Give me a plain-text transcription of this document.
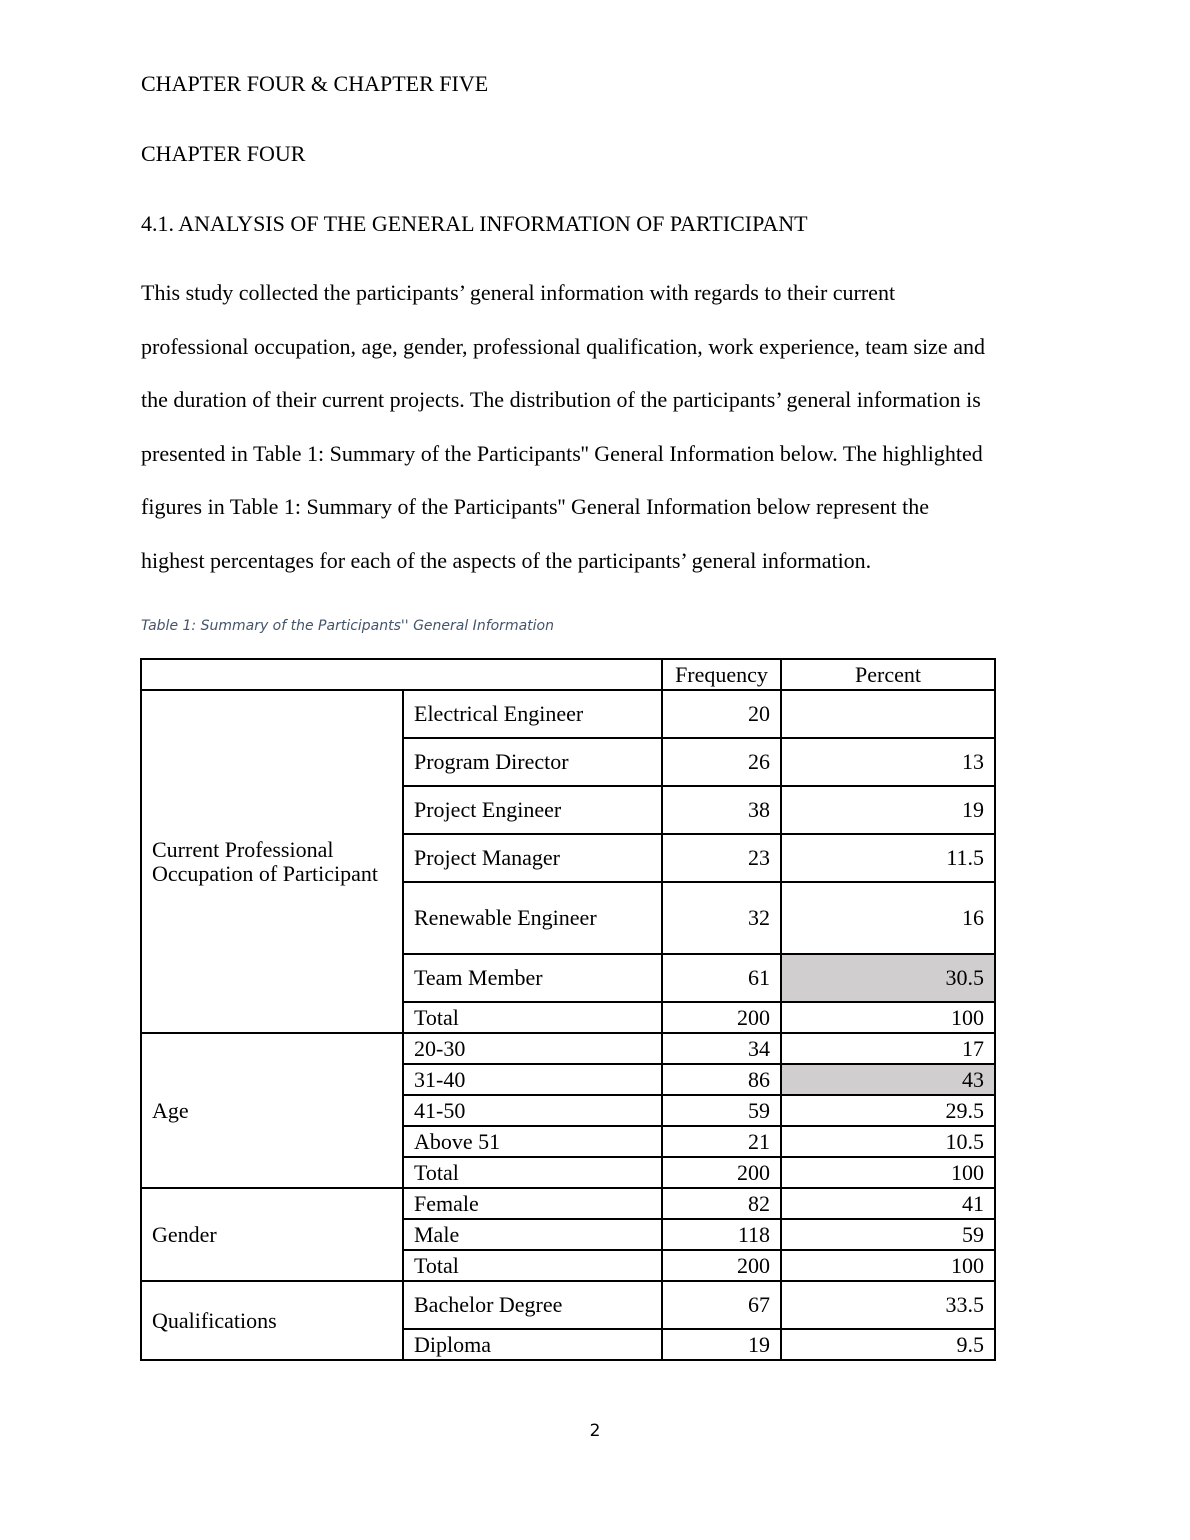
CHAPTER FOUR & CHAPTER FIVE
CHAPTER FOUR
4.1. ANALYSIS OF THE GENERAL INFORMATION OF PARTICIPANT

This study collected the participants’ general information with regards to their current
professional occupation, age, gender, professional qualification, work experience, team size and
the duration of their current projects. The distribution of the participants’ general information is
presented in Table 1: Summary of the Participants'' General Information below. The highlighted
figures in Table 1: Summary of the Participants'' General Information below represent the
highest percentages for each of the aspects of the participants’ general information.

Table 1: Summary of the Participants'' General Information

		Frequency	Percent
Current Professional Occupation of Participant	Electrical Engineer	20	
	Program Director	26	13
	Project Engineer	38	19
	Project Manager	23	11.5
	Renewable Engineer	32	16
	Team Member	61	30.5
	Total	200	100
Age	20-30	34	17
	31-40	86	43
	41-50	59	29.5
	Above 51	21	10.5
	Total	200	100
Gender	Female	82	41
	Male	118	59
	Total	200	100
Qualifications	Bachelor Degree	67	33.5
	Diploma	19	9.5

2
